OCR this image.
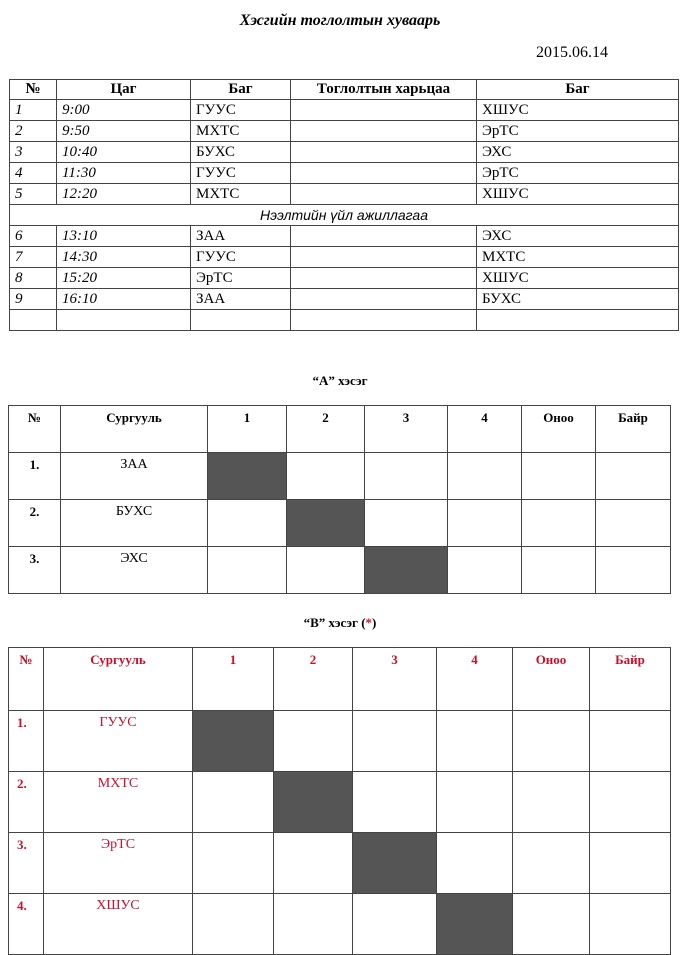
Хэсгийн тоглолтын хуваарь
2015.06.14
№	Цаг	Баг	Тоглолтын харьцаа	Баг
1	9:00	ГУУС		ХШУС
2	9:50	МХТС		ЭрТС
3	10:40	БУХС		ЭХС
4	11:30	ГУУС		ЭрТС
5	12:20	МХТС		ХШУС
Нээлтийн үйл ажиллагаа				
6	13:10	ЗАА		ЭХС
7	14:30	ГУУС		МХТС
8	15:20	ЭрТС		ХШУС
9	16:10	ЗАА		БУХС

“А” хэсэг
№	Сургууль	1	2	3	4	Оноо	Байр
1.	ЗАА						
2.	БУХС						
3.	ЭХС						
“В” хэсэг (*)
№	Сургууль	1	2	3	4	Оноо	Байр
1.	ГУУС						
2.	МХТС						
3.	ЭрТС						
4.	ХШУС						
